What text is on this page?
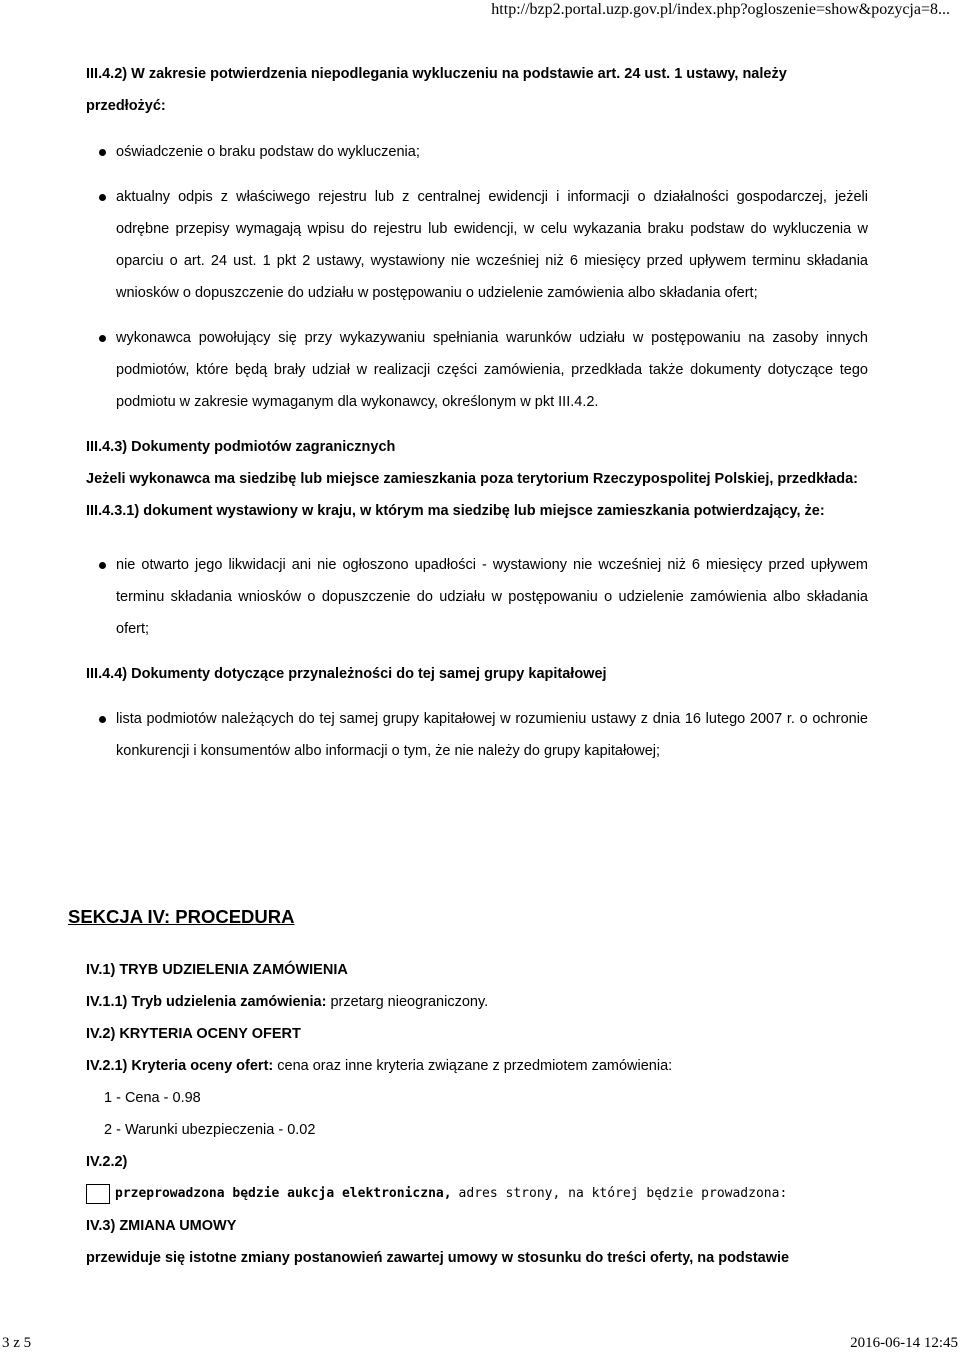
http://bzp2.portal.uzp.gov.pl/index.php?ogloszenie=show&pozycja=8...
III.4.2) W zakresie potwierdzenia niepodlegania wykluczeniu na podstawie art. 24 ust. 1 ustawy, należy przedłożyć:
oświadczenie o braku podstaw do wykluczenia;
aktualny odpis z właściwego rejestru lub z centralnej ewidencji i informacji o działalności gospodarczej, jeżeli odrębne przepisy wymagają wpisu do rejestru lub ewidencji, w celu wykazania braku podstaw do wykluczenia w oparciu o art. 24 ust. 1 pkt 2 ustawy, wystawiony nie wcześniej niż 6 miesięcy przed upływem terminu składania wniosków o dopuszczenie do udziału w postępowaniu o udzielenie zamówienia albo składania ofert;
wykonawca powołujący się przy wykazywaniu spełniania warunków udziału w postępowaniu na zasoby innych podmiotów, które będą brały udział w realizacji części zamówienia, przedkłada także dokumenty dotyczące tego podmiotu w zakresie wymaganym dla wykonawcy, określonym w pkt III.4.2.
III.4.3) Dokumenty podmiotów zagranicznych
Jeżeli wykonawca ma siedzibę lub miejsce zamieszkania poza terytorium Rzeczypospolitej Polskiej, przedkłada:
III.4.3.1) dokument wystawiony w kraju, w którym ma siedzibę lub miejsce zamieszkania potwierdzający, że:
nie otwarto jego likwidacji ani nie ogłoszono upadłości - wystawiony nie wcześniej niż 6 miesięcy przed upływem terminu składania wniosków o dopuszczenie do udziału w postępowaniu o udzielenie zamówienia albo składania ofert;
III.4.4) Dokumenty dotyczące przynależności do tej samej grupy kapitałowej
lista podmiotów należących do tej samej grupy kapitałowej w rozumieniu ustawy z dnia 16 lutego 2007 r. o ochronie konkurencji i konsumentów albo informacji o tym, że nie należy do grupy kapitałowej;
SEKCJA IV: PROCEDURA
IV.1) TRYB UDZIELENIA ZAMÓWIENIA
IV.1.1) Tryb udzielenia zamówienia: przetarg nieograniczony.
IV.2) KRYTERIA OCENY OFERT
IV.2.1) Kryteria oceny ofert: cena oraz inne kryteria związane z przedmiotem zamówienia:
1 - Cena - 0.98
2 - Warunki ubezpieczenia - 0.02
IV.2.2)
przeprowadzona będzie aukcja elektroniczna, adres strony, na której będzie prowadzona:
IV.3) ZMIANA UMOWY
przewiduje się istotne zmiany postanowień zawartej umowy w stosunku do treści oferty, na podstawie
3 z 5	2016-06-14 12:45
